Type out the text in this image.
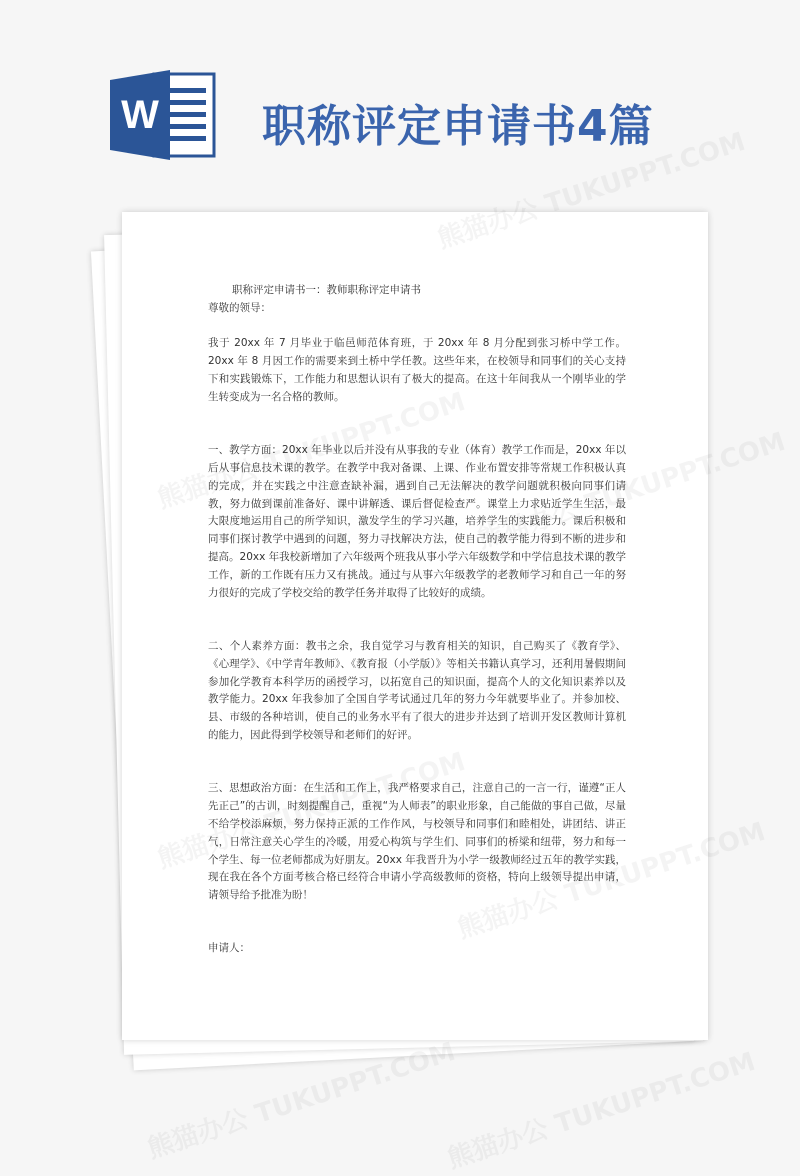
W 职称评定申请书4篇

职称评定申请书一：教师职称评定申请书

尊敬的领导：

我于 20xx 年 7 月毕业于临邑师范体育班，于 20xx 年 8 月分配到张习桥中学工作。20xx 年 8 月因工作的需要来到土桥中学任教。这些年来，在校领导和同事们的关心支持下和实践锻炼下，工作能力和思想认识有了极大的提高。在这十年间我从一个刚毕业的学生转变成为一名合格的教师。

一、教学方面：20xx 年毕业以后并没有从事我的专业（体育）教学工作而是，20xx 年以后从事信息技术课的教学。在教学中我对备课、上课、作业布置安排等常规工作积极认真的完成，并在实践之中注意查缺补漏，遇到自己无法解决的教学问题就积极向同事们请教，努力做到课前准备好、课中讲解透、课后督促检查严。课堂上力求贴近学生生活，最大限度地运用自己的所学知识，激发学生的学习兴趣，培养学生的实践能力。课后积极和同事们探讨教学中遇到的问题，努力寻找解决方法，使自己的教学能力得到不断的进步和提高。20xx 年我校新增加了六年级两个班我从事小学六年级数学和中学信息技术课的教学工作，新的工作既有压力又有挑战。通过与从事六年级教学的老教师学习和自己一年的努力很好的完成了学校交给的教学任务并取得了比较好的成绩。

二、个人素养方面：教书之余，我自觉学习与教育相关的知识，自己购买了《教育学》、《心理学》、《中学青年教师》、《教育报（小学版）》等相关书籍认真学习，还利用暑假期间参加化学教育本科学历的函授学习，以拓宽自己的知识面，提高个人的文化知识素养以及教学能力。20xx 年我参加了全国自学考试通过几年的努力今年就要毕业了。并参加校、县、市级的各种培训，使自己的业务水平有了很大的进步并达到了培训开发区教师计算机的能力，因此得到学校领导和老师们的好评。

三、思想政治方面：在生活和工作上，我严格要求自己，注意自己的一言一行，谨遵“正人先正己”的古训，时刻提醒自己，重视“为人师表”的职业形象，自己能做的事自己做，尽量不给学校添麻烦，努力保持正派的工作作风，与校领导和同事们和睦相处，讲团结、讲正气，日常注意关心学生的冷暖，用爱心构筑与学生们、同事们的桥梁和纽带，努力和每一个学生、每一位老师都成为好朋友。20xx 年我晋升为小学一级教师经过五年的教学实践，现在我在各个方面考核合格已经符合申请小学高级教师的资格，特向上级领导提出申请，请领导给予批准为盼！

申请人：
